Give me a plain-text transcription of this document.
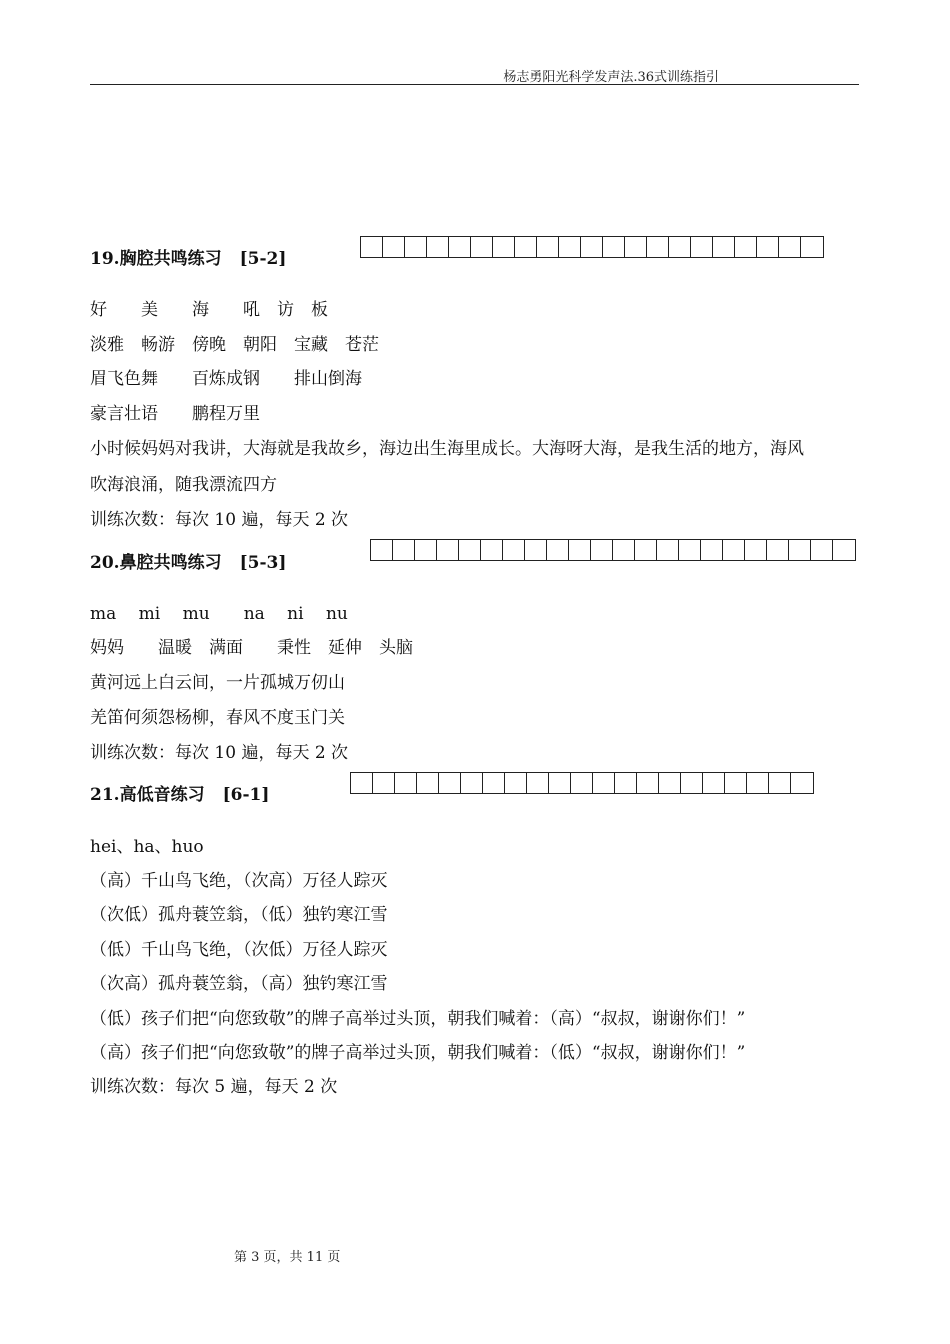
杨志勇阳光科学发声法.36式训练指引
19.胸腔共鸣练习 [5-2]
好　　美　　海　　吼　访　板
淡雅　畅游　傍晚　朝阳　宝藏　苍茫
眉飞色舞　　百炼成钢　　排山倒海
豪言壮语　　鹏程万里
小时候妈妈对我讲，大海就是我故乡，海边出生海里成长。大海呀大海，是我生活的地方，海风
吹海浪涌，随我漂流四方
训练次数：每次 10 遍，每天 2 次
20.鼻腔共鸣练习 [5-3]
ma　 mi　 mu　　na　 ni　 nu
妈妈　　温暖　满面　　秉性　延伸　头脑
黄河远上白云间，一片孤城万仞山
羌笛何须怨杨柳，春风不度玉门关
训练次数：每次 10 遍，每天 2 次
21.高低音练习 [6-1]
hei、ha、huo
（高）千山鸟飞绝，（次高）万径人踪灭
（次低）孤舟蓑笠翁，（低）独钓寒江雪
（低）千山鸟飞绝，（次低）万径人踪灭
（次高）孤舟蓑笠翁，（高）独钓寒江雪
（低）孩子们把“向您致敬”的牌子高举过头顶，朝我们喊着：（高）“叔叔，谢谢你们！”
（高）孩子们把“向您致敬”的牌子高举过头顶，朝我们喊着：（低）“叔叔，谢谢你们！”
训练次数：每次 5 遍，每天 2 次
第 3 页，共 11 页
